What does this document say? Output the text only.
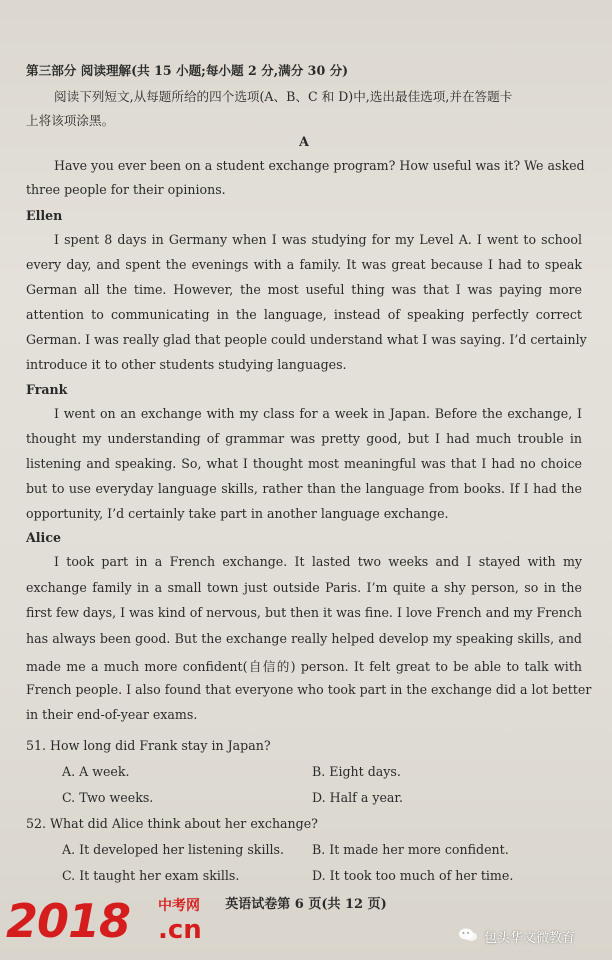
第三部分 阅读理解(共 15 小题;每小题 2 分,满分 30 分)
阅读下列短文,从每题所给的四个选项(A、B、C 和 D)中,选出最佳选项,并在答题卡
上将该项涂黑。
A
Have you ever been on a student exchange program? How useful was it? We asked
three people for their opinions.
Ellen
I spent 8 days in Germany when I was studying for my Level A. I went to school
every day, and spent the evenings with a family. It was great because I had to speak
German all the time. However, the most useful thing was that I was paying more
attention to communicating in the language, instead of speaking perfectly correct
German. I was really glad that people could understand what I was saying. I’d certainly
introduce it to other students studying languages.
Frank
I went on an exchange with my class for a week in Japan. Before the exchange, I
thought my understanding of grammar was pretty good, but I had much trouble in
listening and speaking. So, what I thought most meaningful was that I had no choice
but to use everyday language skills, rather than the language from books. If I had the
opportunity, I’d certainly take part in another language exchange.
Alice
I took part in a French exchange. It lasted two weeks and I stayed with my
exchange family in a small town just outside Paris. I’m quite a shy person, so in the
first few days, I was kind of nervous, but then it was fine. I love French and my French
has always been good. But the exchange really helped develop my speaking skills, and
made me a much more confident(自信的) person. It felt great to be able to talk with
French people. I also found that everyone who took part in the exchange did a lot better
in their end-of-year exams.
51. How long did Frank stay in Japan?
A. A week.	B. Eight days.
C. Two weeks.	D. Half a year.
52. What did Alice think about her exchange?
A. It developed her listening skills. B. It made her more confident.
C. It taught her exam skills.	D. It took too much of her time.
英语试卷第 6 页(共 12 页)
2018 中考网
.cn	包头华文微教育
